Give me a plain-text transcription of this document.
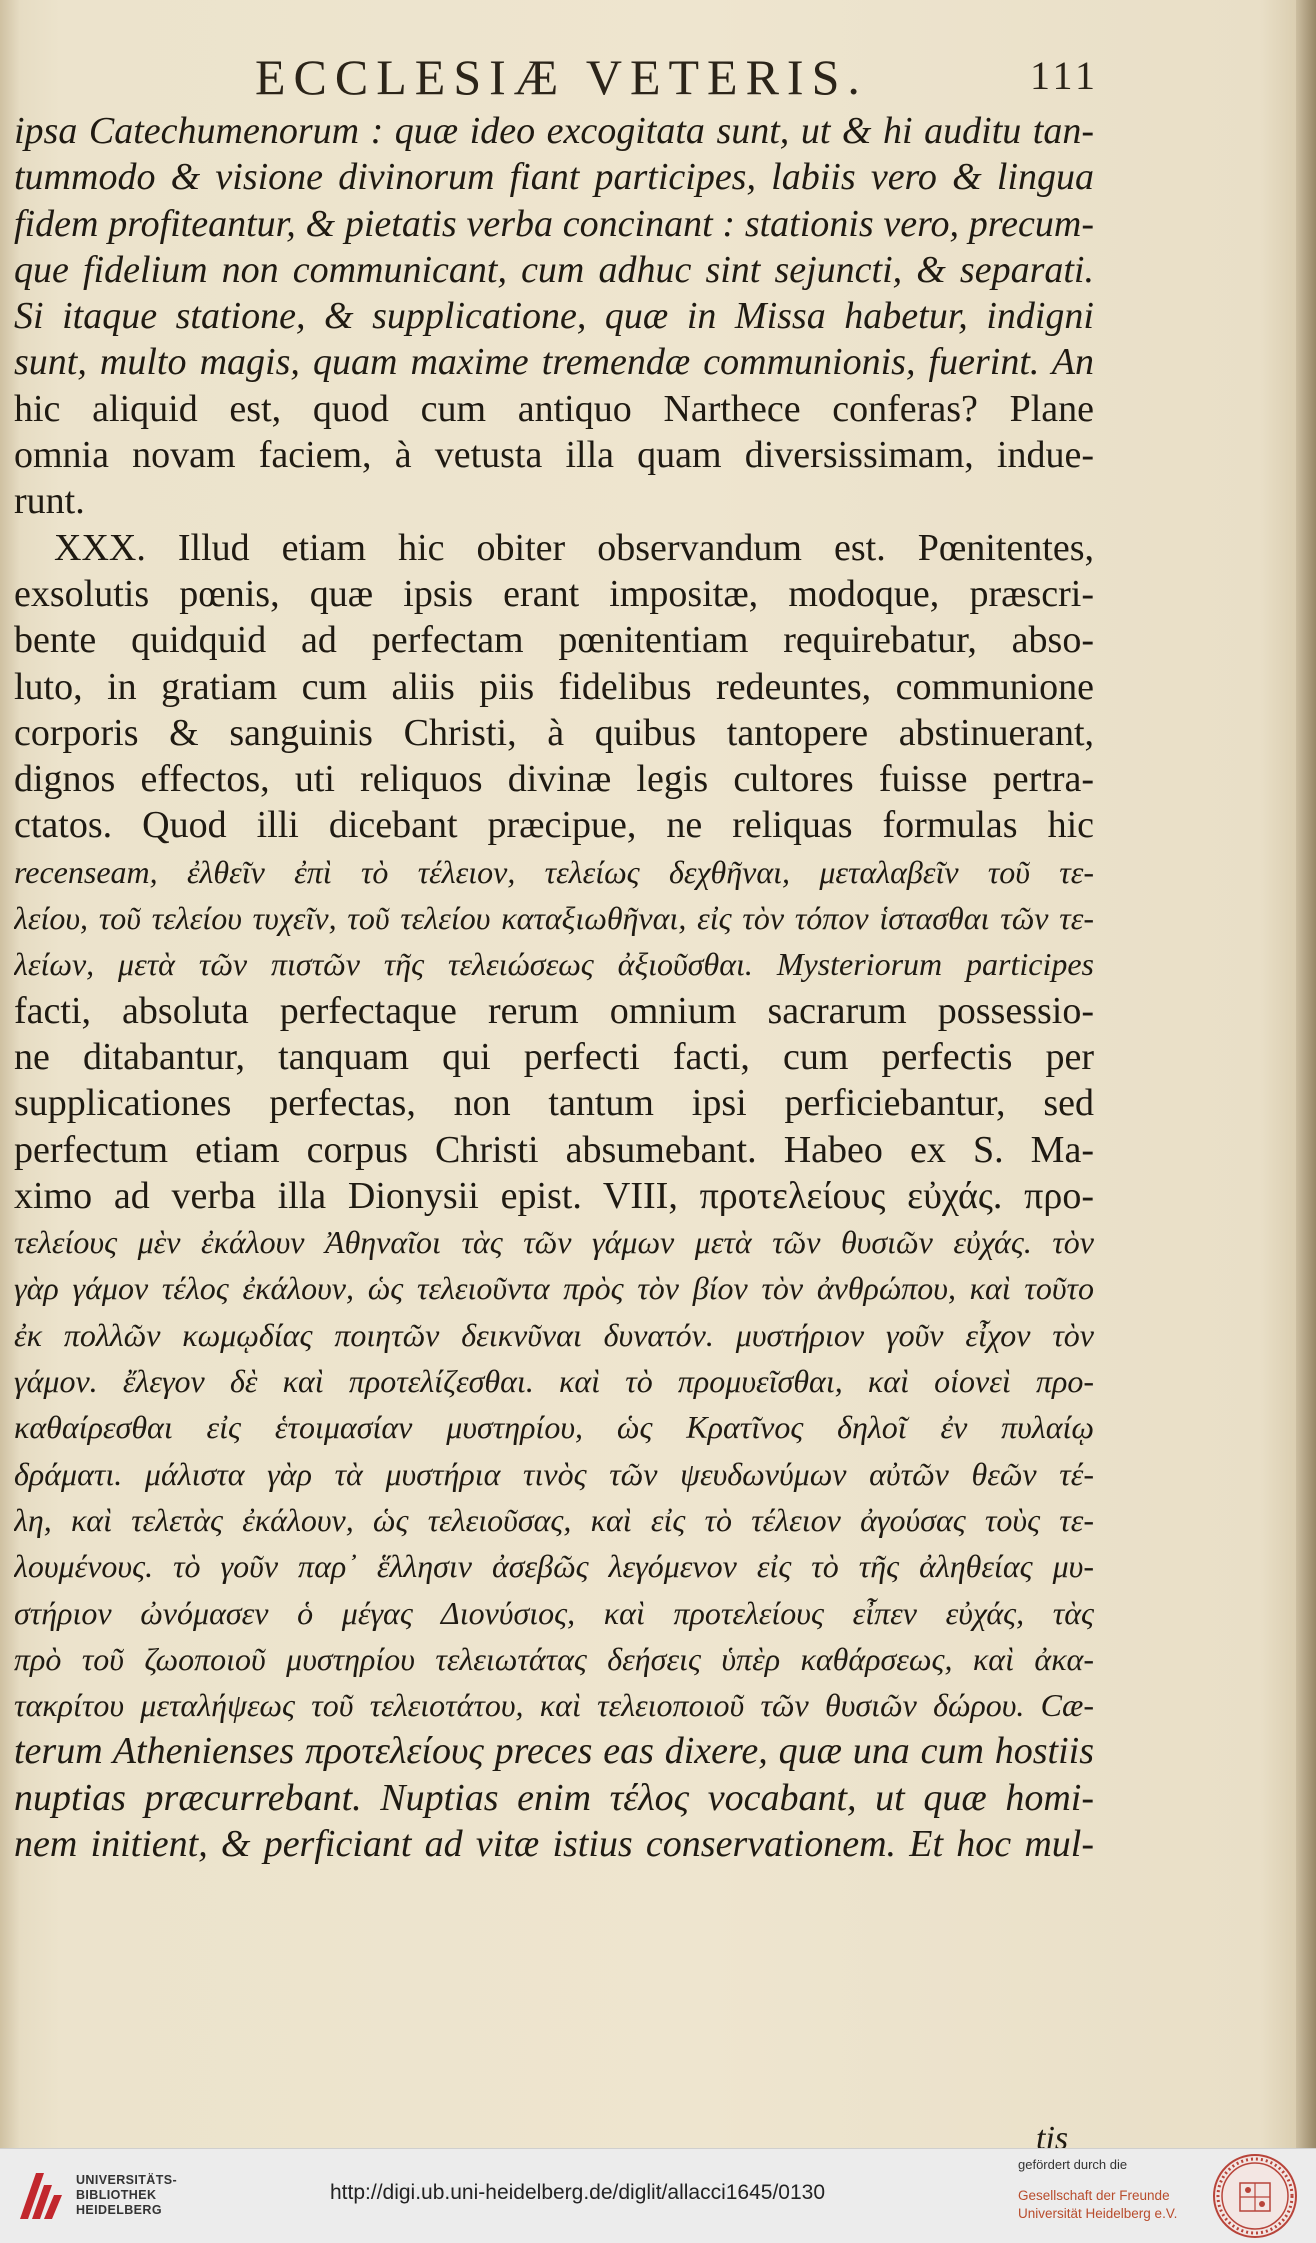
ECCLESIÆ VETERIS.	111
ipsa Catechumenorum : quæ ideo excogitata sunt, ut & hi auditu tan-
tummodo & visione divinorum fiant participes, labiis vero & lingua
fidem profiteantur, & pietatis verba concinant : stationis vero, precum-
que fidelium non communicant, cum adhuc sint sejuncti, & separati.
Si itaque statione, & supplicatione, quæ in Missa habetur, indigni
sunt, multo magis, quam maxime tremendæ communionis, fuerint. An
hic aliquid est, quod cum antiquo Narthece conferas? Plane
omnia novam faciem, à vetusta illa quam diversissimam, indue-
runt.
XXX. Illud etiam hic obiter observandum est. Pœnitentes,
exsolutis pœnis, quæ ipsis erant impositæ, modoque, præscri-
bente quidquid ad perfectam pœnitentiam requirebatur, abso-
luto, in gratiam cum aliis piis fidelibus redeuntes, communione
corporis & sanguinis Christi, à quibus tantopere abstinuerant,
dignos effectos, uti reliquos divinæ legis cultores fuisse pertra-
ctatos. Quod illi dicebant præcipue, ne reliquas formulas hic
recenseam, ἐλθεῖν ἐπὶ τὸ τέλειον, τελείως δεχθῆναι, μεταλαβεῖν τοῦ τε-
λείου, τοῦ τελείου τυχεῖν, τοῦ τελείου καταξιωθῆναι, εἰς τὸν τόπον ἱστασθαι τῶν τε-
λείων, μετὰ τῶν πιστῶν τῆς τελειώσεως ἀξιοῦσθαι. Mysteriorum participes
facti, absoluta perfectaque rerum omnium sacrarum possessio-
ne ditabantur, tanquam qui perfecti facti, cum perfectis per
supplicationes perfectas, non tantum ipsi perficiebantur, sed
perfectum etiam corpus Christi absumebant. Habeo ex S. Ma-
ximo ad verba illa Dionysii epist. VIII, προτελείους εὐχάς. προ-
τελείους μὲν ἐκάλουν Ἀθηναῖοι τὰς τῶν γάμων μετὰ τῶν θυσιῶν εὐχάς. τὸν
γὰρ γάμον τέλος ἐκάλουν, ὡς τελειοῦντα πρὸς τὸν βίον τὸν ἀνθρώπου, καὶ τοῦτο
ἐκ πολλῶν κωμῳδίας ποιητῶν δεικνῦναι δυνατόν. μυστήριον γοῦν εἶχον τὸν
γάμον. ἔλεγον δὲ καὶ προτελίζεσθαι. καὶ τὸ προμυεῖσθαι, καὶ οἱονεὶ προ-
καθαίρεσθαι εἰς ἑτοιμασίαν μυστηρίου, ὡς Κρατῖνος δηλοῖ ἐν πυλαίῳ
δράματι. μάλιστα γὰρ τὰ μυστήρια τινὸς τῶν ψευδωνύμων αὐτῶν θεῶν τέ-
λη, καὶ τελετὰς ἐκάλουν, ὡς τελειοῦσας, καὶ εἰς τὸ τέλειον ἀγούσας τοὺς τε-
λουμένους. τὸ γοῦν παρ᾽ ἕλλησιν ἀσεβῶς λεγόμενον εἰς τὸ τῆς ἀληθείας μυ-
στήριον ὠνόμασεν ὁ μέγας Διονύσιος, καὶ προτελείους εἶπεν εὐχάς, τὰς
πρὸ τοῦ ζωοποιοῦ μυστηρίου τελειωτάτας δεήσεις ὑπὲρ καθάρσεως, καὶ ἀκα-
τακρίτου μεταλήψεως τοῦ τελειοτάτου, καὶ τελειοποιοῦ τῶν θυσιῶν δώρου. Cæ-
terum Athenienses προτελείους preces eas dixere, quæ una cum hostiis
nuptias præcurrebant. Nuptias enim τέλος vocabant, ut quæ homi-
nem initient, & perficiant ad vitæ istius conservationem. Et hoc mul-
tis
UNIVERSITÄTS-
BIBLIOTHEK
HEIDELBERG
http://digi.ub.uni-heidelberg.de/diglit/allacci1645/0130
gefördert durch die
Gesellschaft der Freunde
Universität Heidelberg e.V.
